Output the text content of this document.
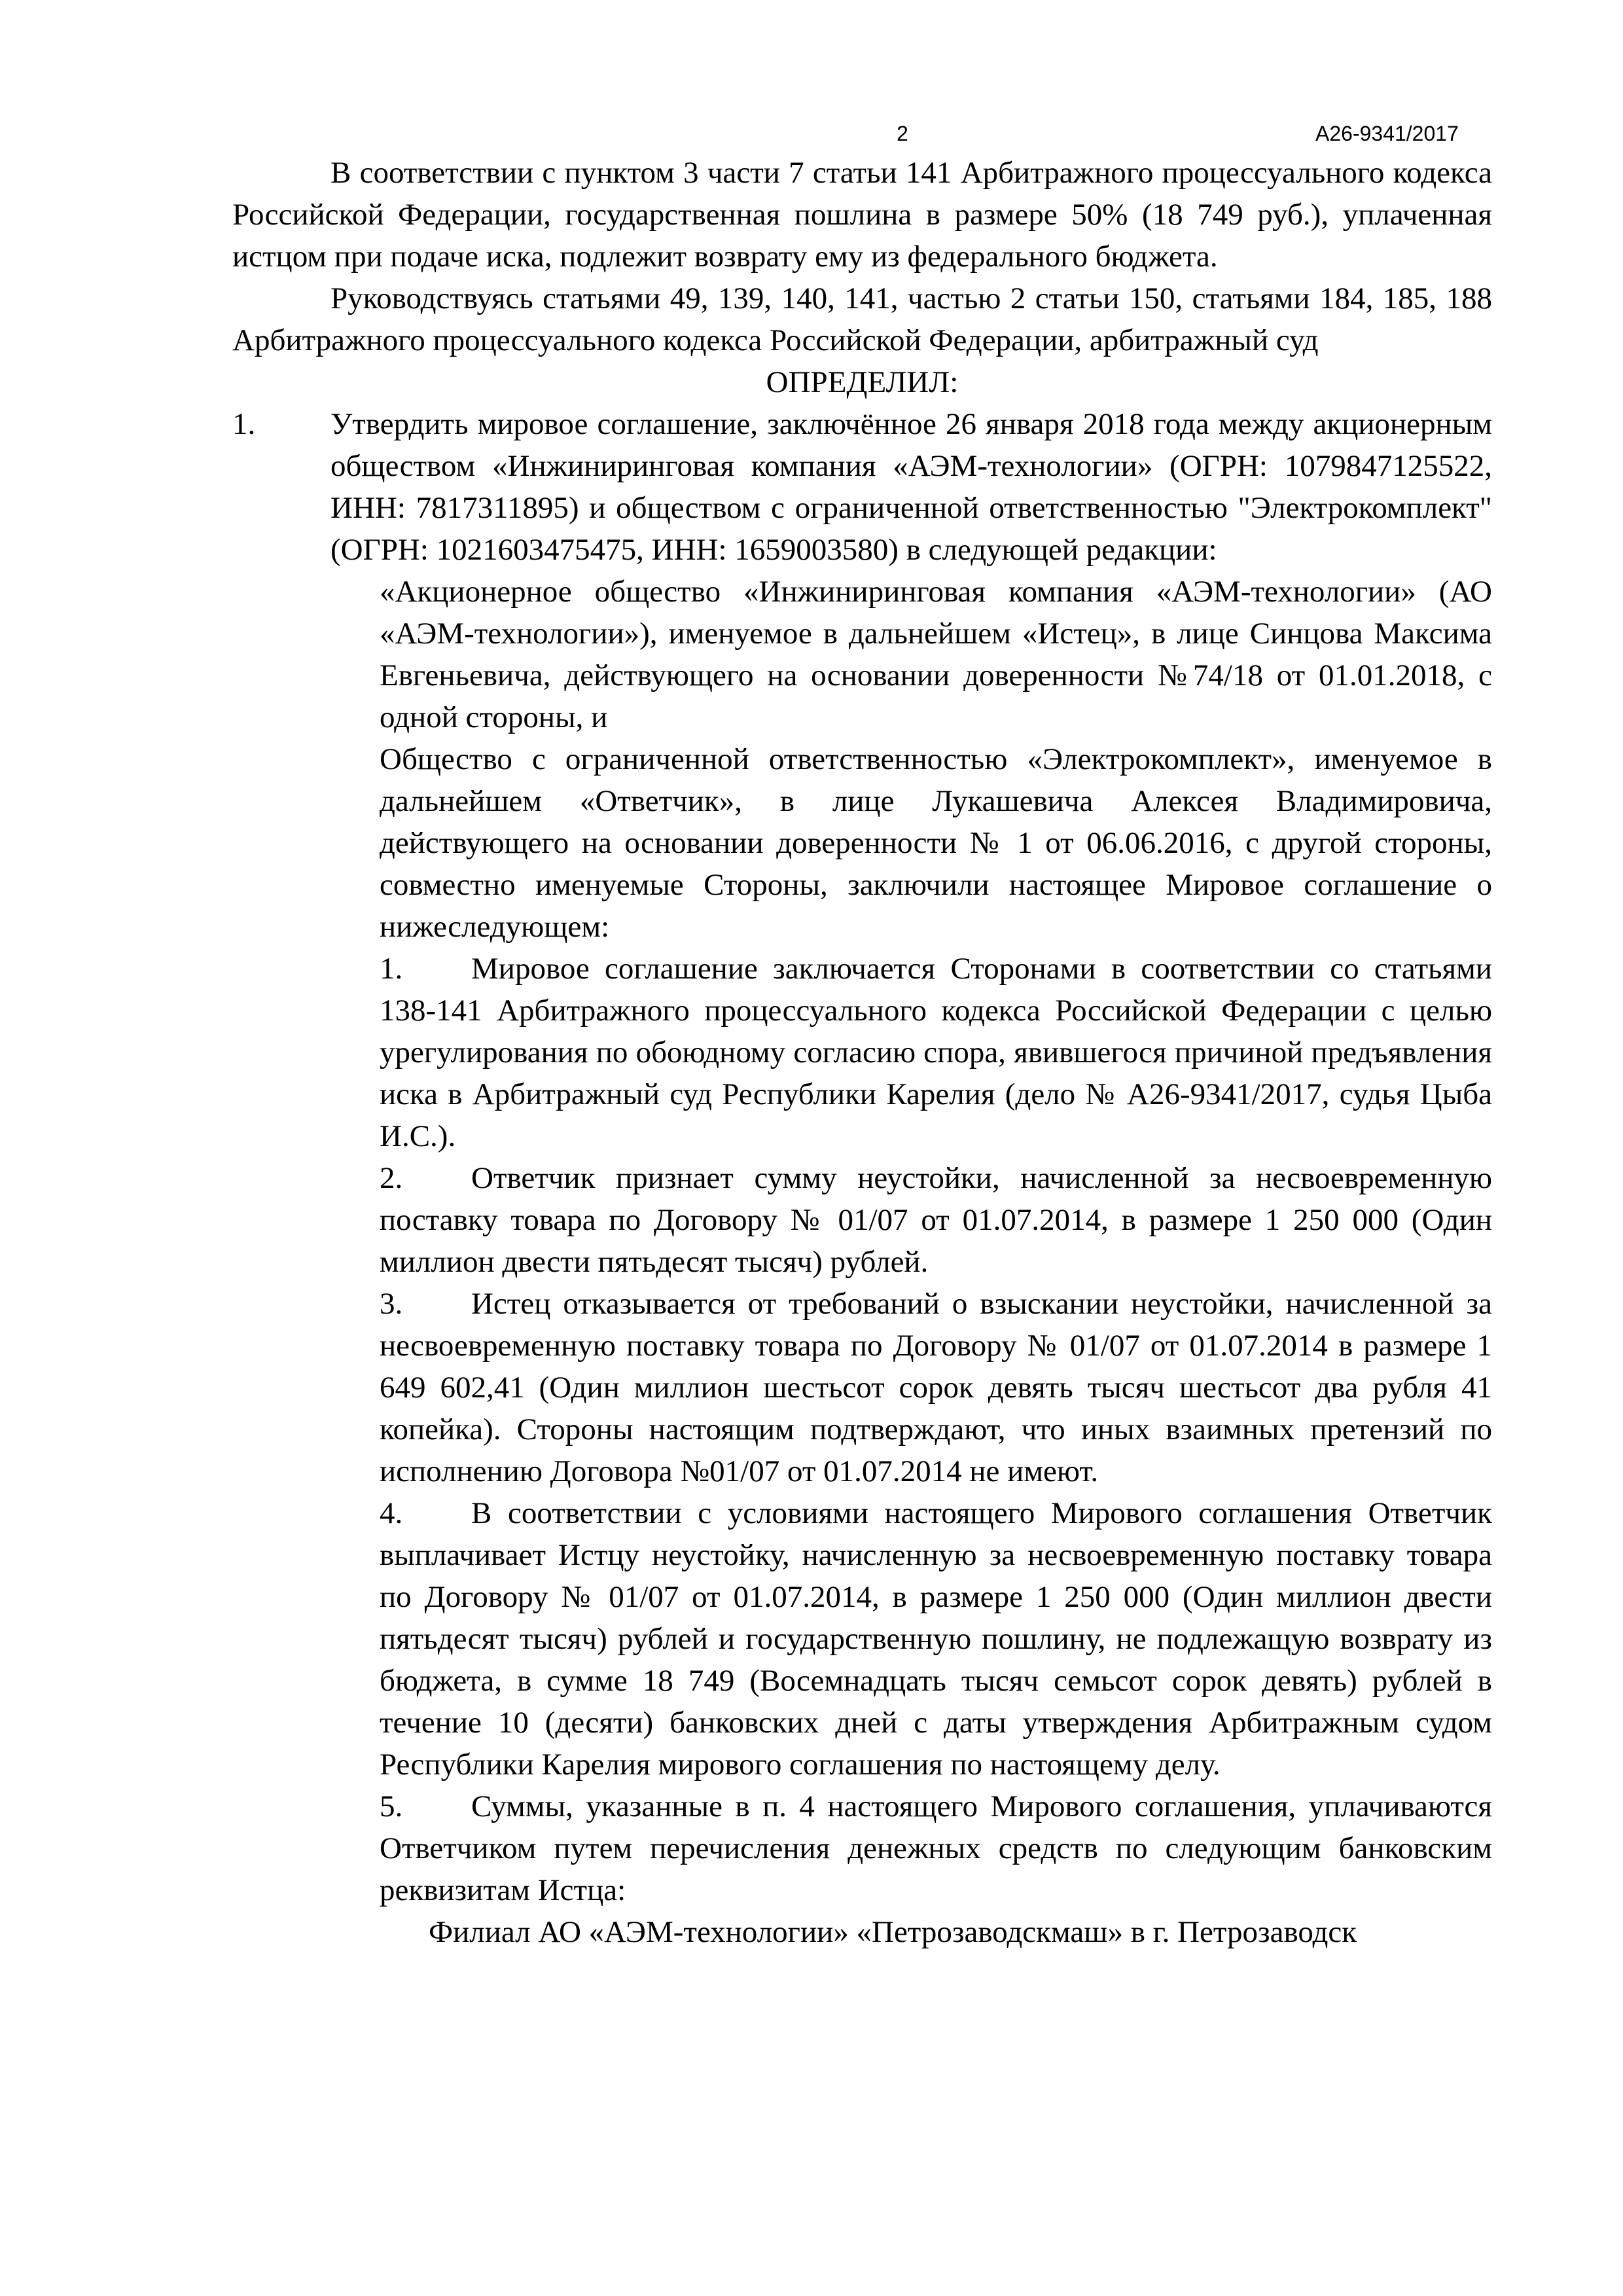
2	А26-9341/2017

В соответствии с пунктом 3 части 7 статьи 141 Арбитражного процессуального кодекса Российской Федерации, государственная пошлина в размере 50% (18 749 руб.), уплаченная истцом при подаче иска, подлежит возврату ему из федерального бюджета.

Руководствуясь статьями 49, 139, 140, 141, частью 2 статьи 150, статьями 184, 185, 188 Арбитражного процессуального кодекса Российской Федерации, арбитражный суд

ОПРЕДЕЛИЛ:

1. Утвердить мировое соглашение, заключённое 26 января 2018 года между акционерным обществом «Инжиниринговая компания «АЭМ-технологии» (ОГРН: 1079847125522, ИНН: 7817311895) и обществом с ограниченной ответственностью "Электрокомплект" (ОГРН: 1021603475475, ИНН: 1659003580) в следующей редакции:

«Акционерное общество «Инжиниринговая компания «АЭМ-технологии» (АО «АЭМ-технологии»), именуемое в дальнейшем «Истец», в лице Синцова Максима Евгеньевича, действующего на основании доверенности №74/18 от 01.01.2018, с одной стороны, и

Общество с ограниченной ответственностью «Электрокомплект», именуемое в дальнейшем «Ответчик», в лице Лукашевича Алексея Владимировича, действующего на основании доверенности № 1 от 06.06.2016, с другой стороны, совместно именуемые Стороны, заключили настоящее Мировое соглашение о нижеследующем:

1. Мировое соглашение заключается Сторонами в соответствии со статьями 138-141 Арбитражного процессуального кодекса Российской Федерации с целью урегулирования по обоюдному согласию спора, явившегося причиной предъявления иска в Арбитражный суд Республики Карелия (дело № А26-9341/2017, судья Цыба И.С.).

2. Ответчик признает сумму неустойки, начисленной за несвоевременную поставку товара по Договору № 01/07 от 01.07.2014, в размере 1 250 000 (Один миллион двести пятьдесят тысяч) рублей.

3. Истец отказывается от требований о взыскании неустойки, начисленной за несвоевременную поставку товара по Договору № 01/07 от 01.07.2014 в размере 1 649 602,41 (Один миллион шестьсот сорок девять тысяч шестьсот два рубля 41 копейка). Стороны настоящим подтверждают, что иных взаимных претензий по исполнению Договора №01/07 от 01.07.2014 не имеют.

4. В соответствии с условиями настоящего Мирового соглашения Ответчик выплачивает Истцу неустойку, начисленную за несвоевременную поставку товара по Договору № 01/07 от 01.07.2014, в размере 1 250 000 (Один миллион двести пятьдесят тысяч) рублей и государственную пошлину, не подлежащую возврату из бюджета, в сумме 18 749 (Восемнадцать тысяч семьсот сорок девять) рублей в течение 10 (десяти) банковских дней с даты утверждения Арбитражным судом Республики Карелия мирового соглашения по настоящему делу.

5. Суммы, указанные в п. 4 настоящего Мирового соглашения, уплачиваются Ответчиком путем перечисления денежных средств по следующим банковским реквизитам Истца:

Филиал АО «АЭМ-технологии» «Петрозаводскмаш» в г. Петрозаводск
